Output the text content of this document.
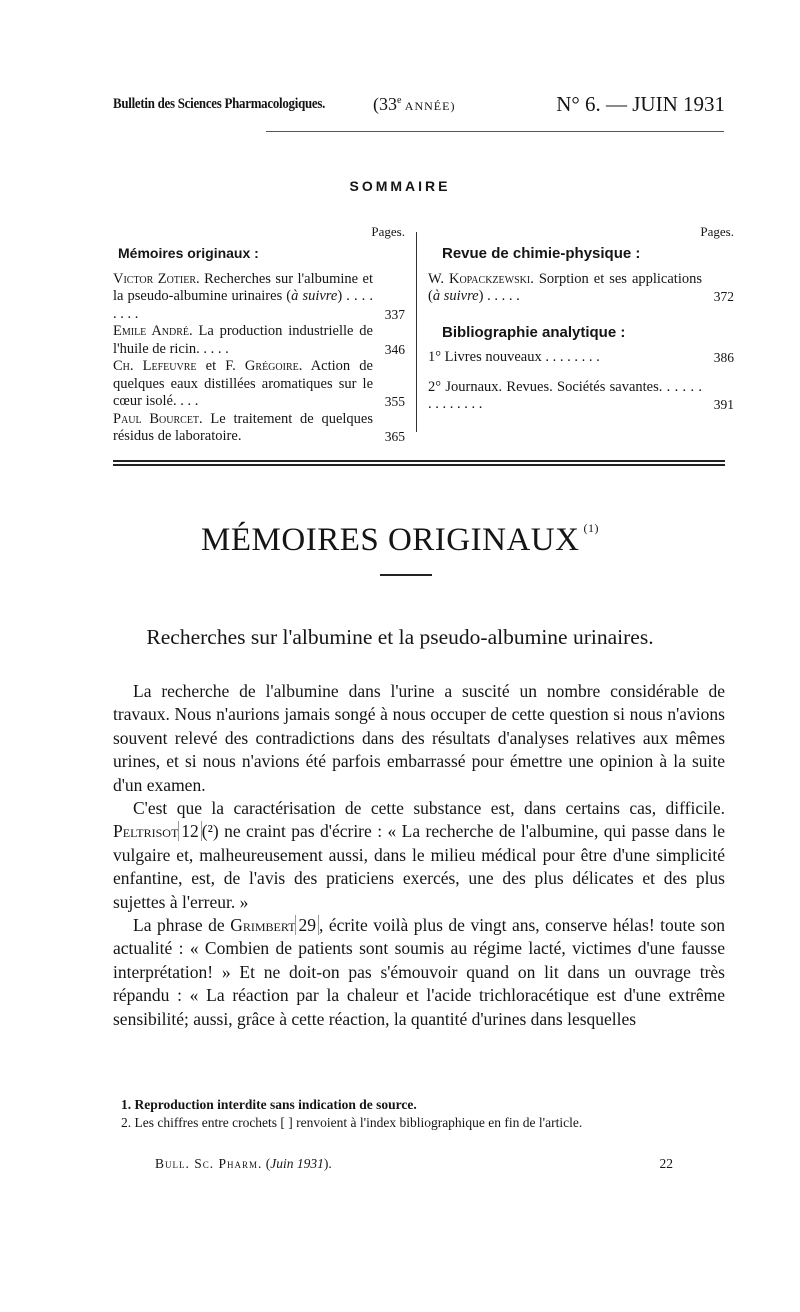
Bulletin des Sciences Pharmacologiques.	(33e ANNÉE)	N° 6. — JUIN 1931
SOMMAIRE
Pages.
Mémoires originaux :
Victor Zotier. Recherches sur l'albumine et la pseudo-albumine urinaires (à suivre) . . . . . . . .	337
Emile André. La production industrielle de l'huile de ricin. . . . .	346
Ch. Lefeuvre et F. Grégoire. Action de quelques eaux distillées aromatiques sur le cœur isolé. . . .	355
Paul Bourcet. Le traitement de quelques résidus de laboratoire.	365
Pages.
Revue de chimie-physique :
W. Kopackzewski. Sorption et ses applications (à suivre) . . . . .	372
Bibliographie analytique :
1° Livres nouveaux . . . . . . . .	386
2° Journaux. Revues. Sociétés savantes. . . . . . . . . . . . . .	391
MÉMOIRES ORIGINAUX $^{(1)}$
Recherches sur l'albumine et la pseudo-albumine urinaires.

La recherche de l'albumine dans l'urine a suscité un nombre considérable de travaux. Nous n'aurions jamais songé à nous occuper de cette question si nous n'avions souvent relevé des contradictions dans des résultats d'analyses relatives aux mêmes urines, et si nous n'avions été parfois embarrassé pour émettre une opinion à la suite d'un examen.

C'est que la caractérisation de cette substance est, dans certains cas, difficile. Peltrisot 12 (²) ne craint pas d'écrire : « La recherche de l'albumine, qui passe dans le vulgaire et, malheureusement aussi, dans le milieu médical pour être d'une simplicité enfantine, est, de l'avis des praticiens exercés, une des plus délicates et des plus sujettes à l'erreur. »

La phrase de Grimbert 29 , écrite voilà plus de vingt ans, conserve hélas! toute son actualité : « Combien de patients sont soumis au régime lacté, victimes d'une fausse interprétation! » Et ne doit-on pas s'émouvoir quand on lit dans un ouvrage très répandu : « La réaction par la chaleur et l'acide trichloracétique est d'une extrême sensibilité; aussi, grâce à cette réaction, la quantité d'urines dans lesquelles

1. Reproduction interdite sans indication de source.

2. Les chiffres entre crochets [ ] renvoient à l'index bibliographique en fin de l'article.

Bull. Sc. Pharm. (Juin 1931).	22
